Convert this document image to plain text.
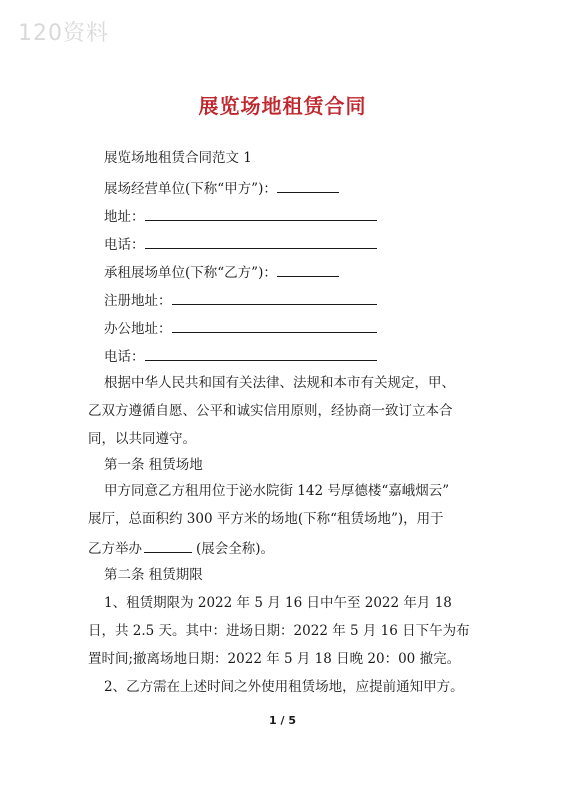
120资料
展览场地租赁合同
展览场地租赁合同范文 1
展场经营单位(下称“甲方”)：
地址：
电话：
承租展场单位(下称“乙方”)：
注册地址：
办公地址：
电话：
根据中华人民共和国有关法律、法规和本市有关规定，甲、
乙双方遵循自愿、公平和诚实信用原则，经协商一致订立本合
同，以共同遵守。
第一条 租赁场地
甲方同意乙方租用位于泌水院街 142 号厚德楼“嘉峨烟云”
展厅，总面积约 300 平方米的场地(下称“租赁场地”)，用于
乙方举办	(展会全称)。
第二条 租赁期限
1、租赁期限为 2022 年 5 月 16 日中午至 2022 年月 18
日，共 2.5 天。其中：进场日期：2022 年 5 月 16 日下午为布
置时间;撤离场地日期：2022 年 5 月 18 日晚 20：00 撤完。
2、乙方需在上述时间之外使用租赁场地，应提前通知甲方。
1 / 5
